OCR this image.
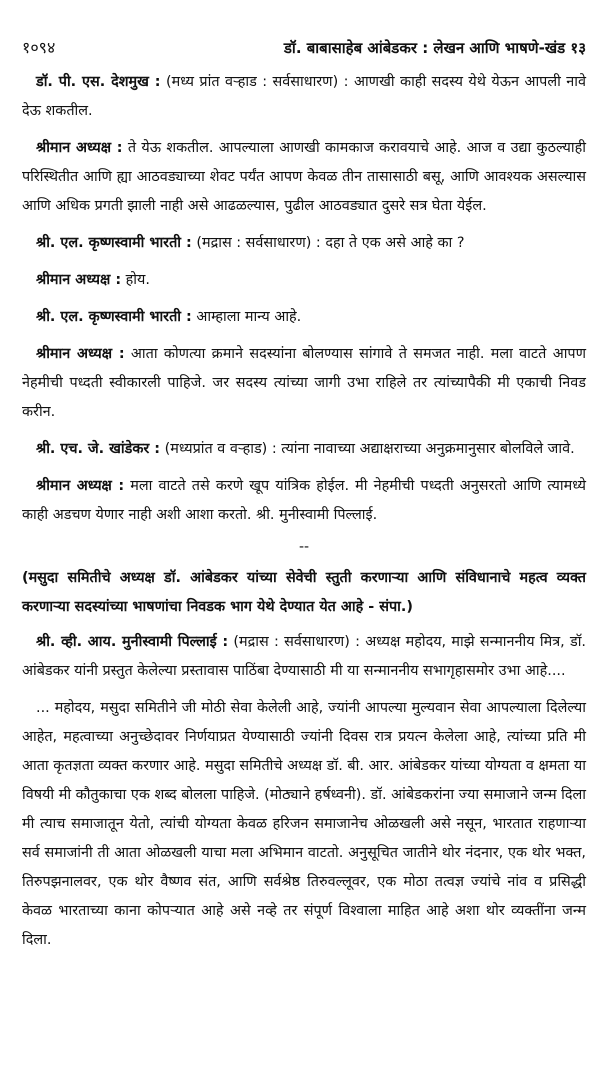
१०९४	डॉ. बाबासाहेब आंबेडकर : लेखन आणि भाषणे-खंड १३

डॉ. पी. एस. देशमुख : (मध्य प्रांत वऱ्हाड : सर्वसाधारण) : आणखी काही सदस्य येथे येऊन आपली नावे देऊ शकतील.

श्रीमान अध्यक्ष : ते येऊ शकतील. आपल्याला आणखी कामकाज करावयाचे आहे. आज व उद्या कुठल्याही परिस्थितीत आणि ह्या आठवड्याच्या शेवट पर्यंत आपण केवळ तीन तासासाठी बसू, आणि आवश्यक असल्यास आणि अधिक प्रगती झाली नाही असे आढळल्यास, पुढील आठवड्यात दुसरे सत्र घेता येईल.

श्री. एल. कृष्णस्वामी भारती : (मद्रास : सर्वसाधारण) : दहा ते एक असे आहे का ?

श्रीमान अध्यक्ष : होय.

श्री. एल. कृष्णस्वामी भारती : आम्हाला मान्य आहे.

श्रीमान अध्यक्ष : आता कोणत्या क्रमाने सदस्यांना बोलण्यास सांगावे ते समजत नाही. मला वाटते आपण नेहमीची पध्दती स्वीकारली पाहिजे. जर सदस्य त्यांच्या जागी उभा राहिले तर त्यांच्यापैकी मी एकाची निवड करीन.

श्री. एच. जे. खांडेकर : (मध्यप्रांत व वऱ्हाड) : त्यांना नावाच्या अद्याक्षराच्या अनुक्रमानुसार बोलविले जावे.

श्रीमान अध्यक्ष : मला वाटते तसे करणे खूप यांत्रिक होईल. मी नेहमीची पध्दती अनुसरतो आणि त्यामध्ये काही अडचण येणार नाही अशी आशा करतो. श्री. मुनीस्वामी पिल्लाई.

--

(मसुदा समितीचे अध्यक्ष डॉ. आंबेडकर यांच्या सेवेची स्तुती करणाऱ्या आणि संविधानाचे महत्व व्यक्त करणाऱ्या सदस्यांच्या भाषणांचा निवडक भाग येथे देण्यात येत आहे - संपा.)

श्री. व्ही. आय. मुनीस्वामी पिल्लाई : (मद्रास : सर्वसाधारण) : अध्यक्ष महोदय, माझे सन्माननीय मित्र, डॉ. आंबेडकर यांनी प्रस्तुत केलेल्या प्रस्तावास पाठिंबा देण्यासाठी मी या सन्माननीय सभागृहासमोर उभा आहे....

... महोदय, मसुदा समितीने जी मोठी सेवा केलेली आहे, ज्यांनी आपल्या मुल्यवान सेवा आपल्याला दिलेल्या आहेत, महत्वाच्या अनुच्छेदावर निर्णयाप्रत येण्यासाठी ज्यांनी दिवस रात्र प्रयत्न केलेला आहे, त्यांच्या प्रति मी आता कृतज्ञता व्यक्त करणार आहे. मसुदा समितीचे अध्यक्ष डॉ. बी. आर. आंबेडकर यांच्या योग्यता व क्षमता या विषयी मी कौतुकाचा एक शब्द बोलला पाहिजे. (मोठ्याने हर्षध्वनी). डॉ. आंबेडकरांना ज्या समाजाने जन्म दिला मी त्याच समाजातून येतो, त्यांची योग्यता केवळ हरिजन समाजानेच ओळखली असे नसून, भारतात राहणाऱ्या सर्व समाजांनी ती आता ओळखली याचा मला अभिमान वाटतो. अनुसूचित जातीने थोर नंदनार, एक थोर भक्त, तिरुपझनालवर, एक थोर वैष्णव संत, आणि सर्वश्रेष्ठ तिरुवल्लूवर, एक मोठा तत्वज्ञ ज्यांचे नांव व प्रसिद्धी केवळ भारताच्या काना कोपऱ्यात आहे असे नव्हे तर संपूर्ण विश्वाला माहित आहे अशा थोर व्यक्तींना जन्म दिला.
